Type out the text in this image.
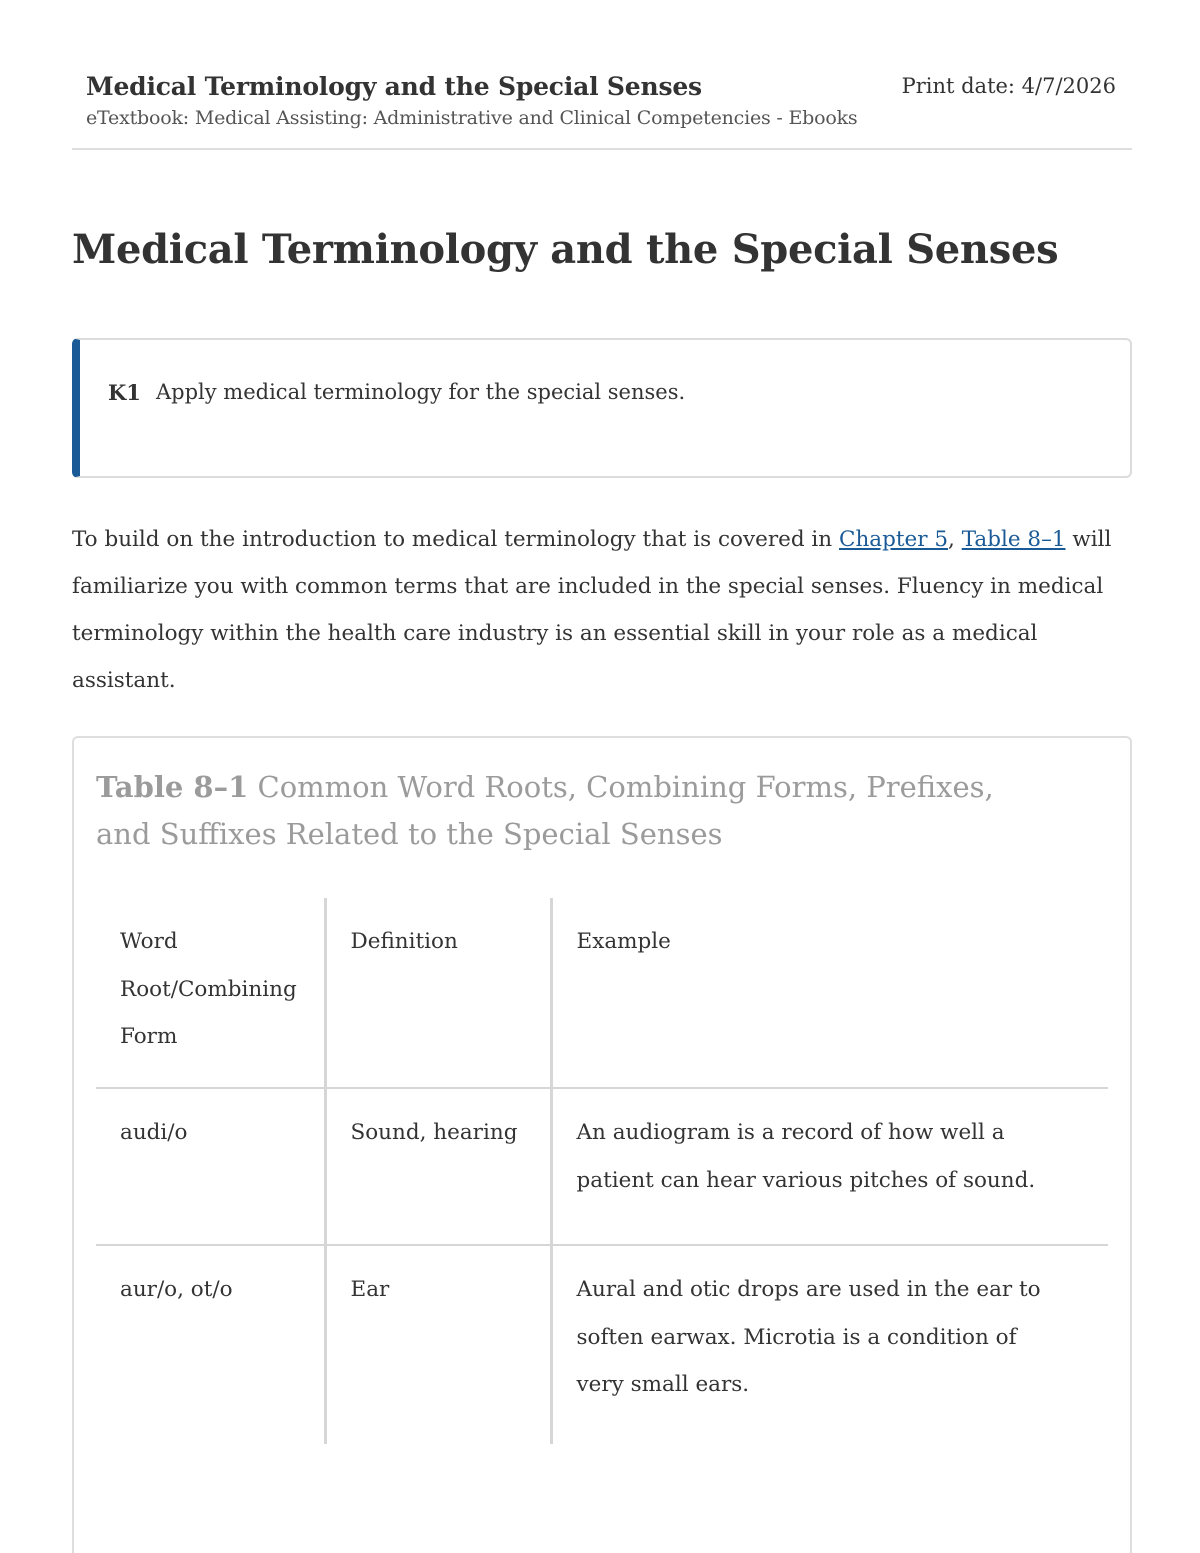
Medical Terminology and the Special Senses
eTextbook: Medical Assisting: Administrative and Clinical Competencies - Ebooks
Print date: 4/7/2026
Medical Terminology and the Special Senses
K1 Apply medical terminology for the special senses.

To build on the introduction to medical terminology that is covered in Chapter 5, Table 8–1 will familiarize you with common terms that are included in the special senses. Fluency in medical terminology within the health care industry is an essential skill in your role as a medical assistant.

Table 8–1 Common Word Roots, Combining Forms, Prefixes, and Suffixes Related to the Special Senses
Word Root/Combining Form	Definition	Example
audi/o	Sound, hearing	An audiogram is a record of how well a patient can hear various pitches of sound.
aur/o, ot/o	Ear	Aural and otic drops are used in the ear to soften earwax. Microtia is a condition of very small ears.
